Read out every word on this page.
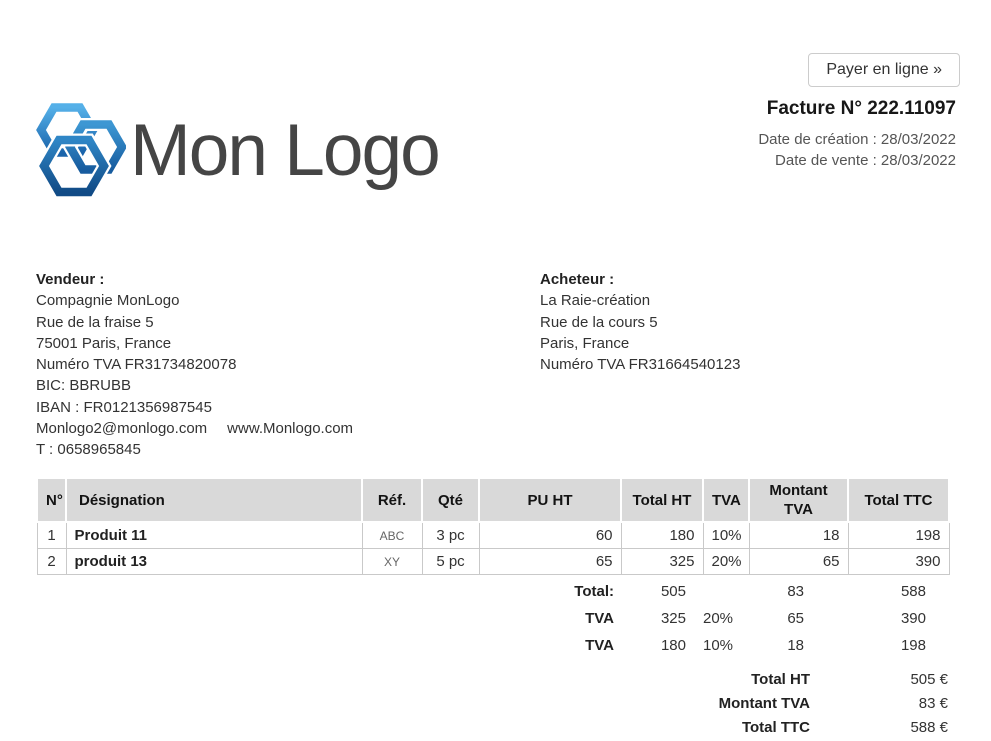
Payer en ligne »
Facture N° 222.11097
Date de création : 28/03/2022
Date de vente : 28/03/2022
Mon Logo
Vendeur :
Compagnie MonLogo
Rue de la fraise 5
75001 Paris, France
Numéro TVA FR31734820078
BIC: BBRUBB
IBAN : FR0121356987545
Monlogo2@monlogo.com www.Monlogo.com
T : 0658965845
Acheteur :
La Raie-création
Rue de la cours 5
Paris, France
Numéro TVA FR31664540123
N°	Désignation	Réf.	Qté	PU HT	Total HT	TVA	Montant TVA	Total TTC
1	Produit 11	ABC	3 pc	60	180	10%	18	198
2	produit 13	XY	5 pc	65	325	20%	65	390
Total:	505		83	588
TVA	325	20%	65	390
TVA	180	10%	18	198
Total HT	505 €
Montant TVA	83 €
Total TTC	588 €
